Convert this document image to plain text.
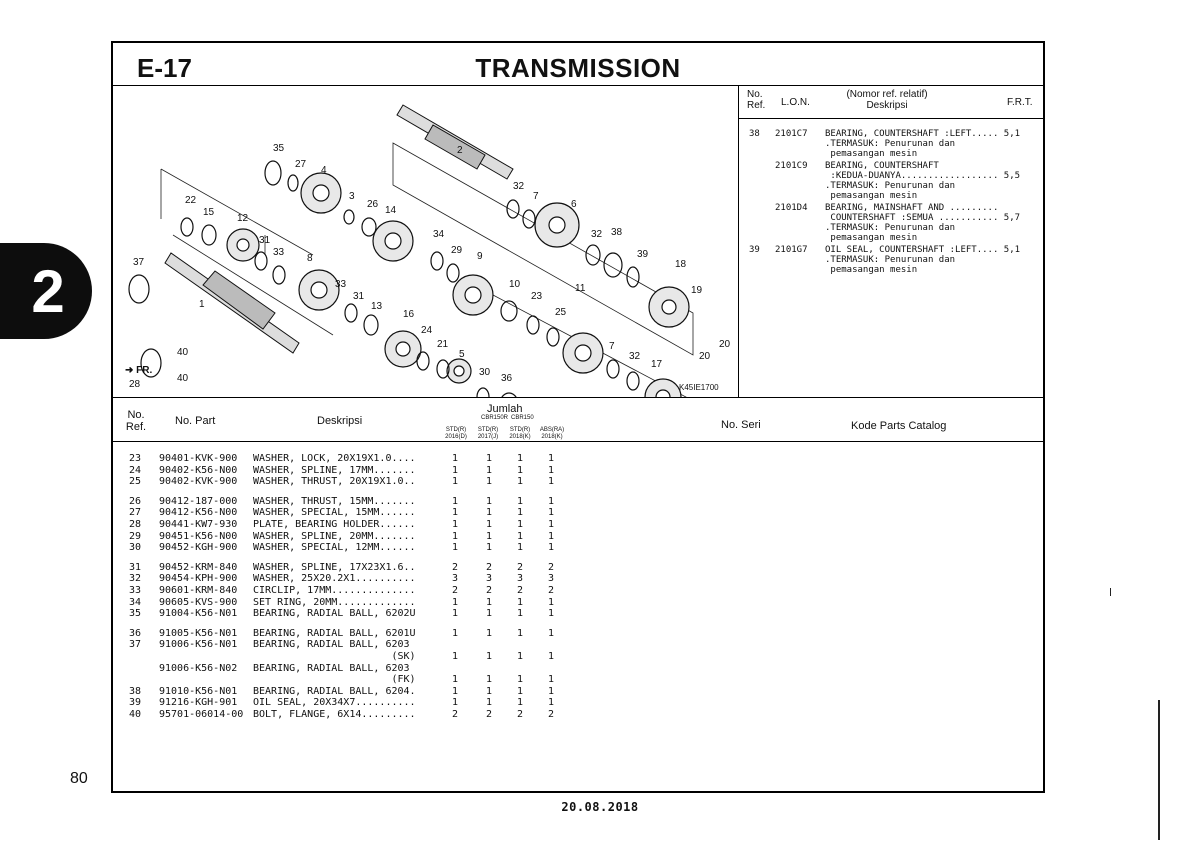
2
80
20.08.2018
E-17	TRANSMISSION
35	2
27
4
3
26
14
32
7
6
22
15
12
31
33
8
34
29
9
32 38
39
18
37
33
31
13
10
23
11	19
16	25
1
24
21
5
7
32
17
20
20
40
40
28
30
36
➜ FR.
K45IE1700
No.
Ref. L.O.N.
(Nomor ref. relatif)
Deskripsi	F.R.T.
38	2101C7 BEARING, COUNTERSHAFT :LEFT..... 5,1
.TERMASUK: Penurunan dan
pemasangan mesin
2101C9 BEARING, COUNTERSHAFT
:KEDUA-DUANYA.................. 5,5
.TERMASUK: Penurunan dan
pemasangan mesin
2101D4 BEARING, MAINSHAFT AND .........
COUNTERSHAFT :SEMUA ........... 5,7
.TERMASUK: Penurunan dan
pemasangan mesin
39	2101G7 OIL SEAL, COUNTERSHAFT :LEFT.... 5,1
.TERMASUK: Penurunan dan
pemasangan mesin
No.
Ref.	No. Part	Deskripsi
Jumlah
CBR150R CBR150
STD(R)
2016(D)
STD(R)
2017(J)
STD(R)
2018(K)
ABS(RA)
2018(K)
No. Seri	Kode Parts Catalog
23 90401-KVK-900 WASHER, LOCK, 20X19X1.0....	1	1 1 1
24 90402-K56-N00 WASHER, SPLINE, 17MM.......	1	1 1 1
25 90402-KVK-900 WASHER, THRUST, 20X19X1.0..	1	1 1 1
26 90412-187-000 WASHER, THRUST, 15MM.......	1	1 1 1
27 90412-K56-N00 WASHER, SPECIAL, 15MM......	1	1 1 1
28 90441-KW7-930 PLATE, BEARING HOLDER......	1	1 1 1
29 90451-K56-N00 WASHER, SPLINE, 20MM.......	1	1 1 1
30 90452-KGH-900 WASHER, SPECIAL, 12MM......	1	1 1 1
31 90452-KRM-840 WASHER, SPLINE, 17X23X1.6..	2	2 2 2
32 90454-KPH-900 WASHER, 25X20.2X1..........	3	3 3 3
33 90601-KRM-840 CIRCLIP, 17MM..............	2	2 2 2
34 90605-KVS-900 SET RING, 20MM.............	1	1 1 1
35 91004-K56-N01 BEARING, RADIAL BALL, 6202U	1	1 1 1
36 91005-K56-N01 BEARING, RADIAL BALL, 6201U	1	1 1 1
37 91006-K56-N01 BEARING, RADIAL BALL, 6203
(SK)	1	1 1 1
91006-K56-N02 BEARING, RADIAL BALL, 6203
(FK)	1	1 1 1
38 91010-K56-N01 BEARING, RADIAL BALL, 6204.	1	1 1 1
39 91216-KGH-901 OIL SEAL, 20X34X7..........	1	1 1 1
40 95701-06014-00 BOLT, FLANGE, 6X14.........	2	2 2 2
